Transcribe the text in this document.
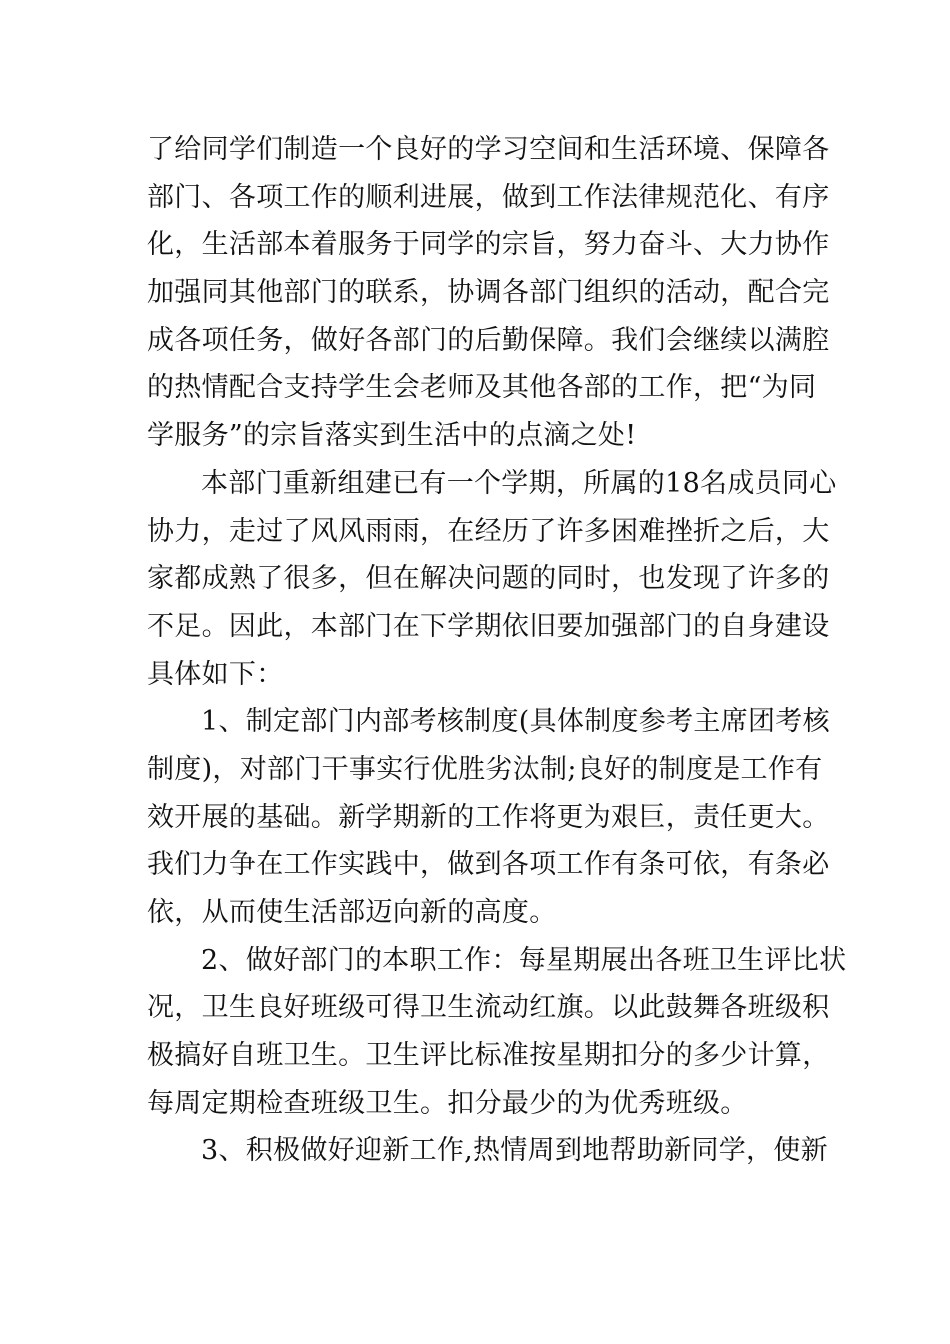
了给同学们制造一个良好的学习空间和生活环境、保障各
部门、各项工作的顺利进展，做到工作法律规范化、有序
化，生活部本着服务于同学的宗旨，努力奋斗、大力协作
加强同其他部门的联系，协调各部门组织的活动，配合完
成各项任务，做好各部门的后勤保障。我们会继续以满腔
的热情配合支持学生会老师及其他各部的工作，把“为同
学服务”的宗旨落实到生活中的点滴之处!
本部门重新组建已有一个学期，所属的18名成员同心
协力，走过了风风雨雨，在经历了许多困难挫折之后，大
家都成熟了很多，但在解决问题的同时，也发现了许多的
不足。因此，本部门在下学期依旧要加强部门的自身建设
具体如下：
1、制定部门内部考核制度(具体制度参考主席团考核
制度)，对部门干事实行优胜劣汰制;良好的制度是工作有
效开展的基础。新学期新的工作将更为艰巨，责任更大。
我们力争在工作实践中，做到各项工作有条可依，有条必
依，从而使生活部迈向新的高度。
2、做好部门的本职工作：每星期展出各班卫生评比状
况，卫生良好班级可得卫生流动红旗。以此鼓舞各班级积
极搞好自班卫生。卫生评比标准按星期扣分的多少计算，
每周定期检查班级卫生。扣分最少的为优秀班级。
3、积极做好迎新工作,热情周到地帮助新同学，使新
